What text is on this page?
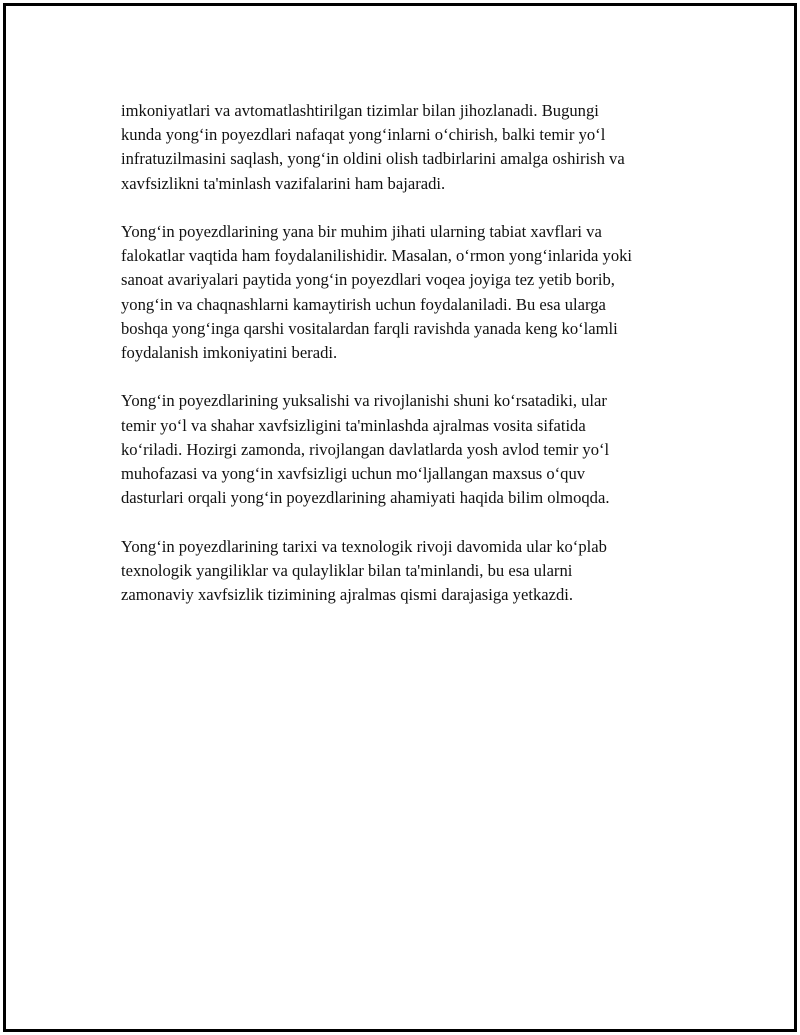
imkoniyatlari va avtomatlashtirilgan tizimlar bilan jihozlanadi. Bugungi
kunda yong‘in poyezdlari nafaqat yong‘inlarni o‘chirish, balki temir yo‘l
infratuzilmasini saqlash, yong‘in oldini olish tadbirlarini amalga oshirish va
xavfsizlikni ta'minlash vazifalarini ham bajaradi.

Yong‘in poyezdlarining yana bir muhim jihati ularning tabiat xavflari va
falokatlar vaqtida ham foydalanilishidir. Masalan, o‘rmon yong‘inlarida yoki
sanoat avariyalari paytida yong‘in poyezdlari voqea joyiga tez yetib borib,
yong‘in va chaqnashlarni kamaytirish uchun foydalaniladi. Bu esa ularga
boshqa yong‘inga qarshi vositalardan farqli ravishda yanada keng ko‘lamli
foydalanish imkoniyatini beradi.

Yong‘in poyezdlarining yuksalishi va rivojlanishi shuni ko‘rsatadiki, ular
temir yo‘l va shahar xavfsizligini ta'minlashda ajralmas vosita sifatida
ko‘riladi. Hozirgi zamonda, rivojlangan davlatlarda yosh avlod temir yo‘l
muhofazasi va yong‘in xavfsizligi uchun mo‘ljallangan maxsus o‘quv
dasturlari orqali yong‘in poyezdlarining ahamiyati haqida bilim olmoqda.

Yong‘in poyezdlarining tarixi va texnologik rivoji davomida ular ko‘plab
texnologik yangiliklar va qulayliklar bilan ta'minlandi, bu esa ularni
zamonaviy xavfsizlik tizimining ajralmas qismi darajasiga yetkazdi.
